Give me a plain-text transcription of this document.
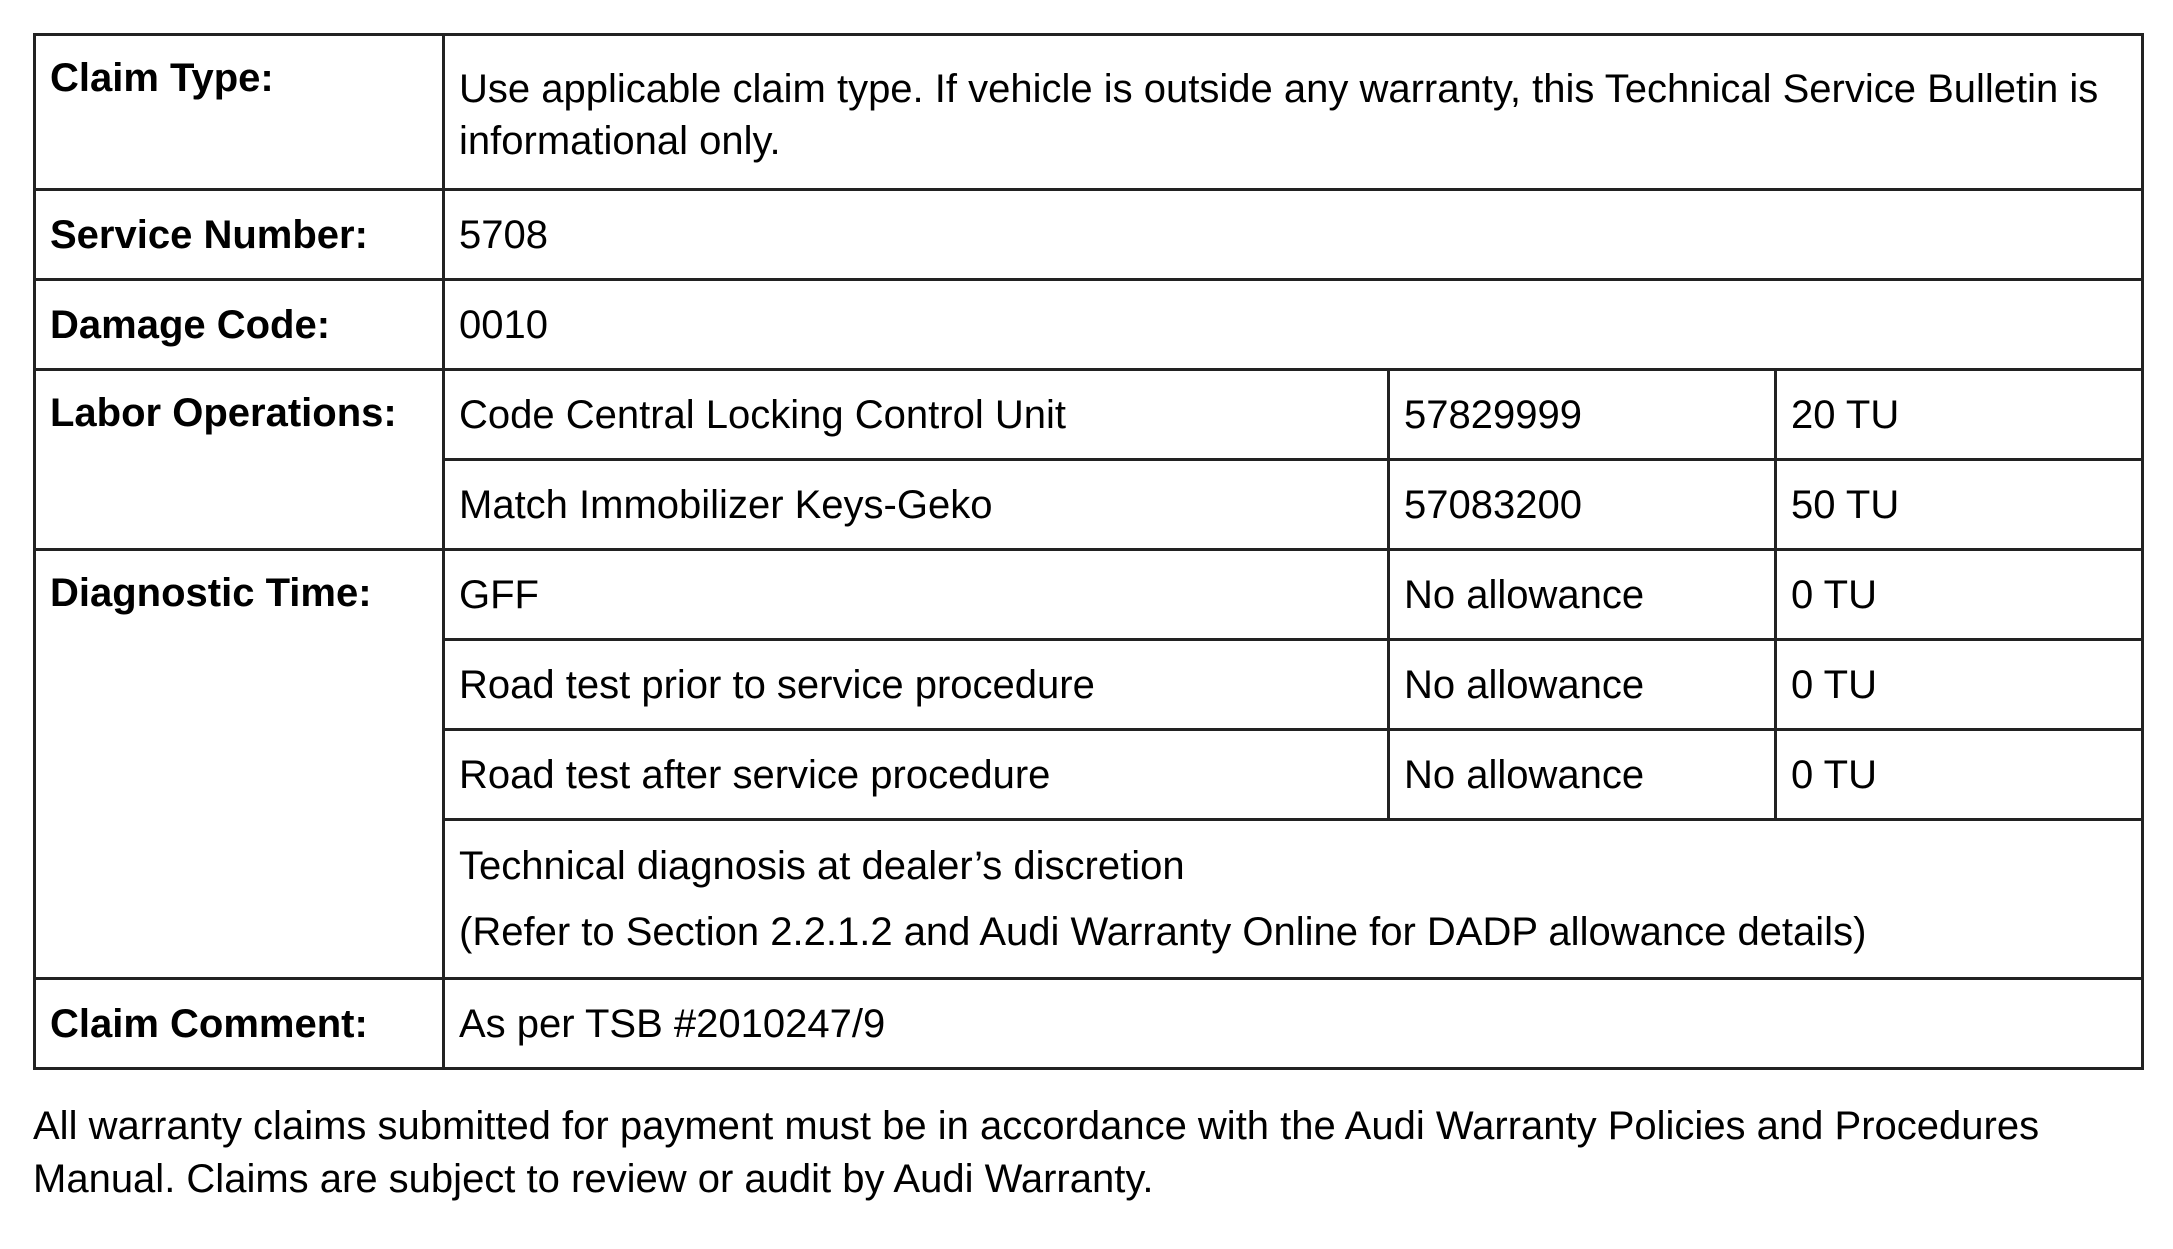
Claim Type:	Use applicable claim type. If vehicle is outside any warranty, this Technical Service Bulletin is informational only.		
Service Number:	5708		
Damage Code:	0010		
Labor Operations:	Code Central Locking Control Unit	57829999	20 TU
	Match Immobilizer Keys-Geko	57083200	50 TU
Diagnostic Time:	GFF	No allowance	0 TU
	Road test prior to service procedure	No allowance	0 TU
	Road test after service procedure	No allowance	0 TU

	Technical diagnosis at dealer’s discretion
(Refer to Section 2.2.1.2 and Audi Warranty Online for DADP allowance details)		

Claim Comment:	As per TSB #2010247/9		
All warranty claims submitted for payment must be in accordance with the Audi Warranty Policies and Procedures Manual. Claims are subject to review or audit by Audi Warranty.
